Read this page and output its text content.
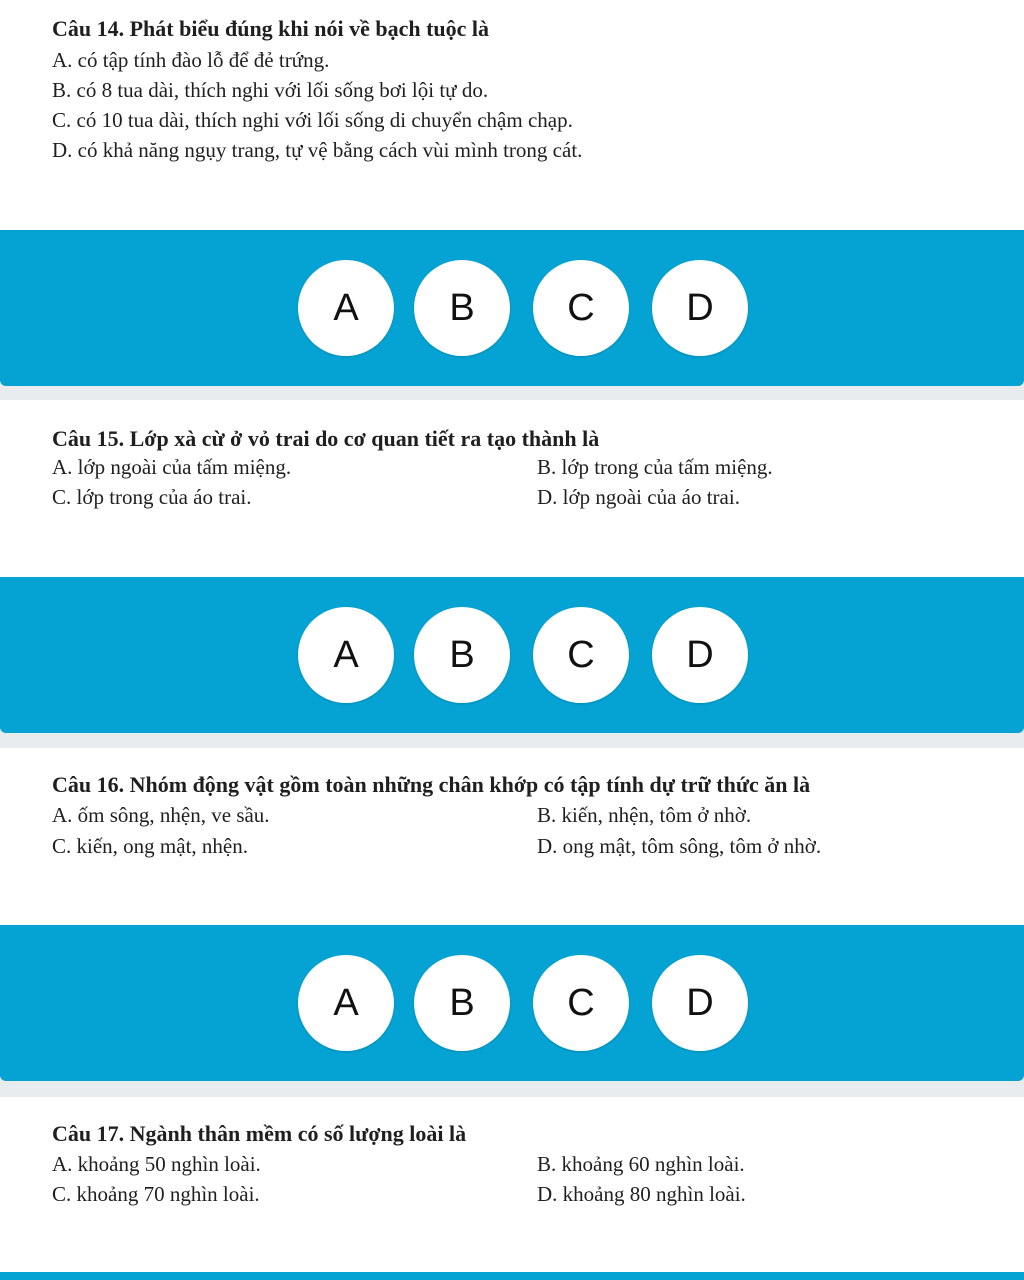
Câu 14. Phát biểu đúng khi nói về bạch tuộc là
A. có tập tính đào lỗ để đẻ trứng.
B. có 8 tua dài, thích nghi với lối sống bơi lội tự do.
C. có 10 tua dài, thích nghi với lối sống di chuyển chậm chạp.
D. có khả năng ngụy trang, tự vệ bằng cách vùi mình trong cát.
A	B	C	D
Câu 15. Lớp xà cừ ở vỏ trai do cơ quan tiết ra tạo thành là
A. lớp ngoài của tấm miệng.	B. lớp trong của tấm miệng.
C. lớp trong của áo trai.	D. lớp ngoài của áo trai.
A	B	C	D
Câu 16. Nhóm động vật gồm toàn những chân khớp có tập tính dự trữ thức ăn là
A. ốm sông, nhện, ve sầu.	B. kiến, nhện, tôm ở nhờ.
C. kiến, ong mật, nhện.	D. ong mật, tôm sông, tôm ở nhờ.
A	B	C	D
Câu 17. Ngành thân mềm có số lượng loài là
A. khoảng 50 nghìn loài.	B. khoảng 60 nghìn loài.
C. khoảng 70 nghìn loài.	D. khoảng 80 nghìn loài.
